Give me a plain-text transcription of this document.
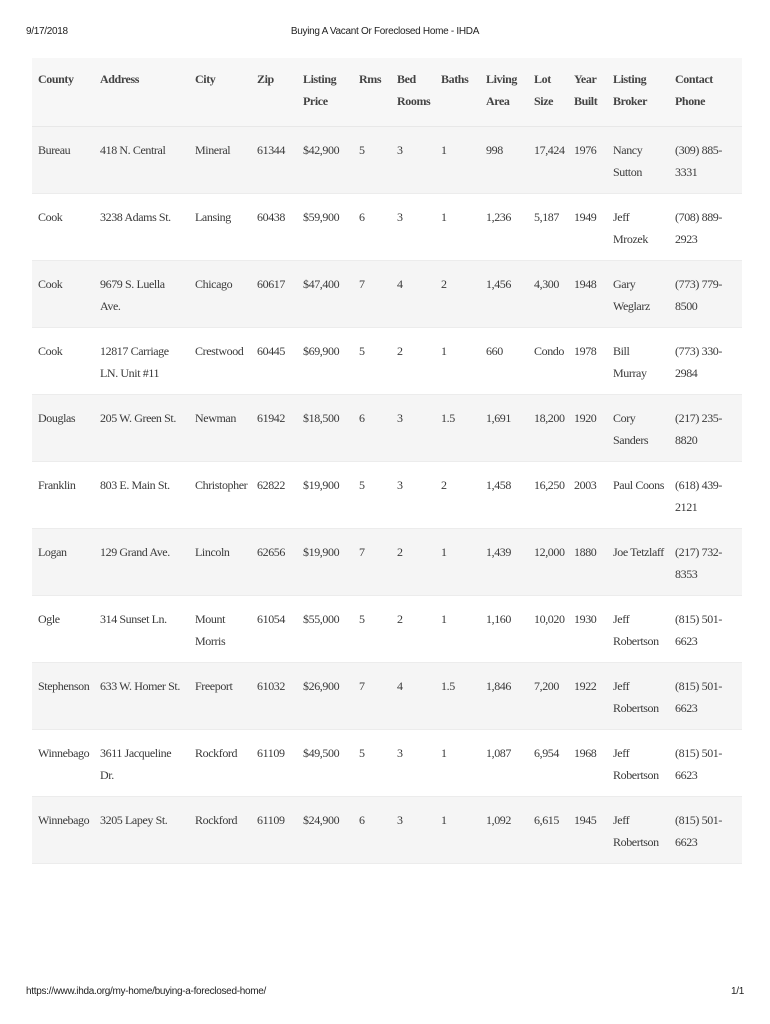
9/17/2018	Buying A Vacant Or Foreclosed Home - IHDA
County	Address	City	Zip	Listing Price	Rms	Bed Rooms	Baths	Living Area	Lot Size	Year Built	Listing Broker	Contact Phone
Bureau	418 N. Central	Mineral	61344	$42,900	5	3	1	998	17,424	1976	Nancy Sutton	(309) 885-3331
Cook	3238 Adams St.	Lansing	60438	$59,900	6	3	1	1,236	5,187	1949	Jeff Mrozek	(708) 889-2923
Cook	9679 S. Luella Ave.	Chicago	60617	$47,400	7	4	2	1,456	4,300	1948	Gary Weglarz	(773) 779-8500
Cook	12817 Carriage LN. Unit #11	Crestwood	60445	$69,900	5	2	1	660	Condo	1978	Bill Murray	(773) 330-2984
Douglas	205 W. Green St.	Newman	61942	$18,500	6	3	1.5	1,691	18,200	1920	Cory Sanders	(217) 235-8820
Franklin	803 E. Main St.	Christopher	62822	$19,900	5	3	2	1,458	16,250	2003	Paul Coons	(618) 439-2121
Logan	129 Grand Ave.	Lincoln	62656	$19,900	7	2	1	1,439	12,000	1880	Joe Tetzlaff	(217) 732-8353
Ogle	314 Sunset Ln.	Mount Morris	61054	$55,000	5	2	1	1,160	10,020	1930	Jeff Robertson	(815) 501-6623
Stephenson	633 W. Homer St.	Freeport	61032	$26,900	7	4	1.5	1,846	7,200	1922	Jeff Robertson	(815) 501-6623
Winnebago	3611 Jacqueline Dr.	Rockford	61109	$49,500	5	3	1	1,087	6,954	1968	Jeff Robertson	(815) 501-6623
Winnebago	3205 Lapey St.	Rockford	61109	$24,900	6	3	1	1,092	6,615	1945	Jeff Robertson	(815) 501-6623
https://www.ihda.org/my-home/buying-a-foreclosed-home/	1/1
